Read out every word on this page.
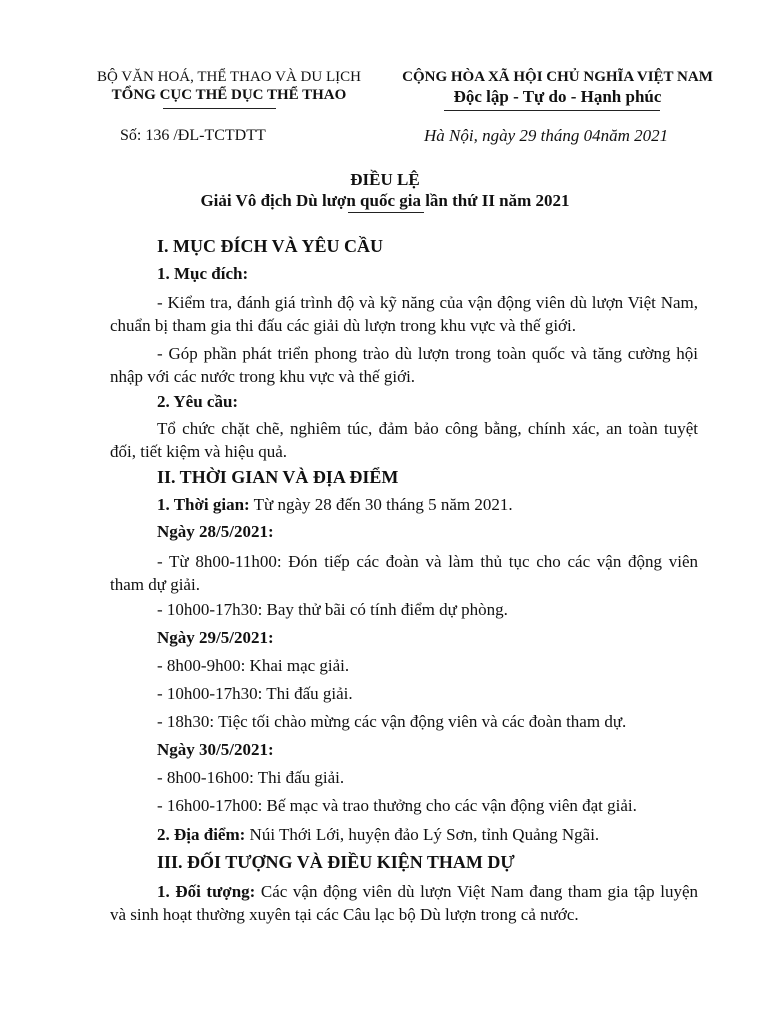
BỘ VĂN HOÁ, THỂ THAO VÀ DU LỊCH
TỔNG CỤC THỂ DỤC THỂ THAO
CỘNG HÒA XÃ HỘI CHỦ NGHĨA VIỆT NAM
Độc lập - Tự do - Hạnh phúc
Số: 136 /ĐL-TCTDTT	Hà Nội, ngày 29 tháng 04năm 2021
ĐIỀU LỆ
Giải Vô địch Dù lượn quốc gia lần thứ II năm 2021
I. MỤC ĐÍCH VÀ YÊU CẦU
1. Mục đích:
- Kiểm tra, đánh giá trình độ và kỹ năng của vận động viên dù lượn Việt Nam, chuẩn bị tham gia thi đấu các giải dù lượn trong khu vực và thế giới.
- Góp phần phát triển phong trào dù lượn trong toàn quốc và tăng cường hội nhập với các nước trong khu vực và thế giới.
2. Yêu cầu:
Tổ chức chặt chẽ, nghiêm túc, đảm bảo công bằng, chính xác, an toàn tuyệt đối, tiết kiệm và hiệu quả.
II. THỜI GIAN VÀ ĐỊA ĐIỂM
1. Thời gian: Từ ngày 28 đến 30 tháng 5 năm 2021.
Ngày 28/5/2021:
- Từ 8h00-11h00: Đón tiếp các đoàn và làm thủ tục cho các vận động viên tham dự giải.
- 10h00-17h30: Bay thử bãi có tính điểm dự phòng.
Ngày 29/5/2021:
- 8h00-9h00: Khai mạc giải.
- 10h00-17h30: Thi đấu giải.
- 18h30: Tiệc tối chào mừng các vận động viên và các đoàn tham dự.
Ngày 30/5/2021:
- 8h00-16h00: Thi đấu giải.
- 16h00-17h00: Bế mạc và trao thưởng cho các vận động viên đạt giải.
2. Địa điểm: Núi Thới Lới, huyện đảo Lý Sơn, tỉnh Quảng Ngãi.
III. ĐỐI TƯỢNG VÀ ĐIỀU KIỆN THAM DỰ
1. Đối tượng: Các vận động viên dù lượn Việt Nam đang tham gia tập luyện và sinh hoạt thường xuyên tại các Câu lạc bộ Dù lượn trong cả nước.
